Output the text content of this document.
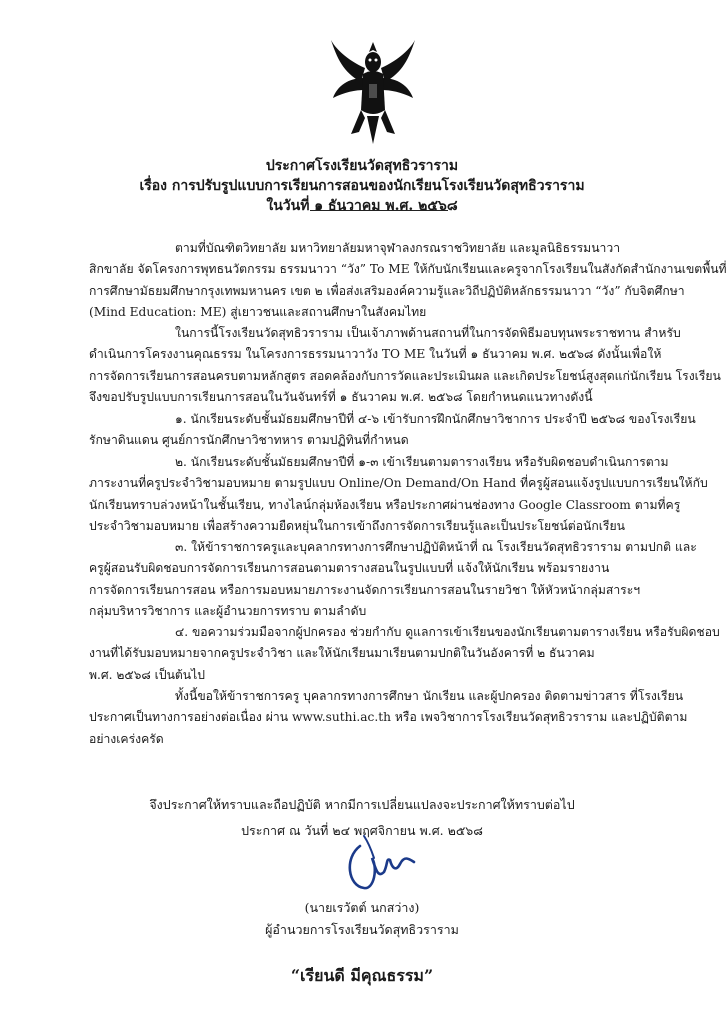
ประกาศโรงเรียนวัดสุทธิวราราม
เรื่อง การปรับรูปแบบการเรียนการสอนของนักเรียนโรงเรียนวัดสุทธิวราราม
ในวันที่ ๑ ธันวาคม พ.ศ. ๒๕๖๘
ตามที่บัณฑิตวิทยาลัย มหาวิทยาลัยมหาจุฬาลงกรณราชวิทยาลัย และมูลนิธิธรรมนาวา
สิกขาลัย จัดโครงการพุทธนวัตกรรม ธรรมนาวา “วัง” To ME ให้กับนักเรียนและครูจากโรงเรียนในสังกัดสำนักงานเขตพื้นที่
การศึกษามัธยมศึกษากรุงเทพมหานคร เขต ๒ เพื่อส่งเสริมองค์ความรู้และวิถีปฏิบัติหลักธรรมนาวา “วัง” กับจิตศึกษา
(Mind Education: ME) สู่เยาวชนและสถานศึกษาในสังคมไทย
ในการนี้โรงเรียนวัดสุทธิวราราม เป็นเจ้าภาพด้านสถานที่ในการจัดพิธีมอบทุนพระราชทาน สำหรับ
ดำเนินการโครงงานคุณธรรม ในโครงการธรรมนาวาวัง TO ME ในวันที่ ๑ ธันวาคม พ.ศ. ๒๕๖๘ ดังนั้นเพื่อให้
การจัดการเรียนการสอนครบตามหลักสูตร สอดคล้องกับการวัดและประเมินผล และเกิดประโยชน์สูงสุดแก่นักเรียน โรงเรียน
จึงขอปรับรูปแบบการเรียนการสอนในวันจันทร์ที่ ๑ ธันวาคม พ.ศ. ๒๕๖๘ โดยกำหนดแนวทางดังนี้
๑. นักเรียนระดับชั้นมัธยมศึกษาปีที่ ๔-๖ เข้ารับการฝึกนักศึกษาวิชาการ ประจำปี ๒๕๖๘ ของโรงเรียน
รักษาดินแดน ศูนย์การนักศึกษาวิชาทหาร ตามปฏิทินที่กำหนด
๒. นักเรียนระดับชั้นมัธยมศึกษาปีที่ ๑-๓ เข้าเรียนตามตารางเรียน หรือรับผิดชอบดำเนินการตาม
ภาระงานที่ครูประจำวิชามอบหมาย ตามรูปแบบ Online/On Demand/On Hand ที่ครูผู้สอนแจ้งรูปแบบการเรียนให้กับ
นักเรียนทราบล่วงหน้าในชั้นเรียน, ทางไลน์กลุ่มห้องเรียน หรือประกาศผ่านช่องทาง Google Classroom ตามที่ครู
ประจำวิชามอบหมาย เพื่อสร้างความยืดหยุ่นในการเข้าถึงการจัดการเรียนรู้และเป็นประโยชน์ต่อนักเรียน
๓. ให้ข้าราชการครูและบุคลากรทางการศึกษาปฏิบัติหน้าที่ ณ โรงเรียนวัดสุทธิวราราม ตามปกติ และ
ครูผู้สอนรับผิดชอบการจัดการเรียนการสอนตามตารางสอนในรูปแบบที่ แจ้งให้นักเรียน พร้อมรายงาน
การจัดการเรียนการสอน หรือการมอบหมายภาระงานจัดการเรียนการสอนในรายวิชา ให้หัวหน้ากลุ่มสาระฯ
กลุ่มบริหารวิชาการ และผู้อำนวยการทราบ ตามลำดับ
๔. ขอความร่วมมือจากผู้ปกครอง ช่วยกำกับ ดูแลการเข้าเรียนของนักเรียนตามตารางเรียน หรือรับผิดชอบ
งานที่ได้รับมอบหมายจากครูประจำวิชา และให้นักเรียนมาเรียนตามปกติในวันอังคารที่ ๒ ธันวาคม
พ.ศ. ๒๕๖๘ เป็นต้นไป
ทั้งนี้ขอให้ข้าราชการครู บุคลากรทางการศึกษา นักเรียน และผู้ปกครอง ติดตามข่าวสาร ที่โรงเรียน
ประกาศเป็นทางการอย่างต่อเนื่อง ผ่าน www.suthi.ac.th หรือ เพจวิชาการโรงเรียนวัดสุทธิวราราม และปฏิบัติตาม
อย่างเคร่งครัด
จึงประกาศให้ทราบและถือปฏิบัติ หากมีการเปลี่ยนแปลงจะประกาศให้ทราบต่อไป
ประกาศ ณ วันที่ ๒๔ พฤศจิกายน พ.ศ. ๒๕๖๘
(นายเรวัตต์ นกสว่าง)
ผู้อำนวยการโรงเรียนวัดสุทธิวราราม
“เรียนดี มีคุณธรรม”
